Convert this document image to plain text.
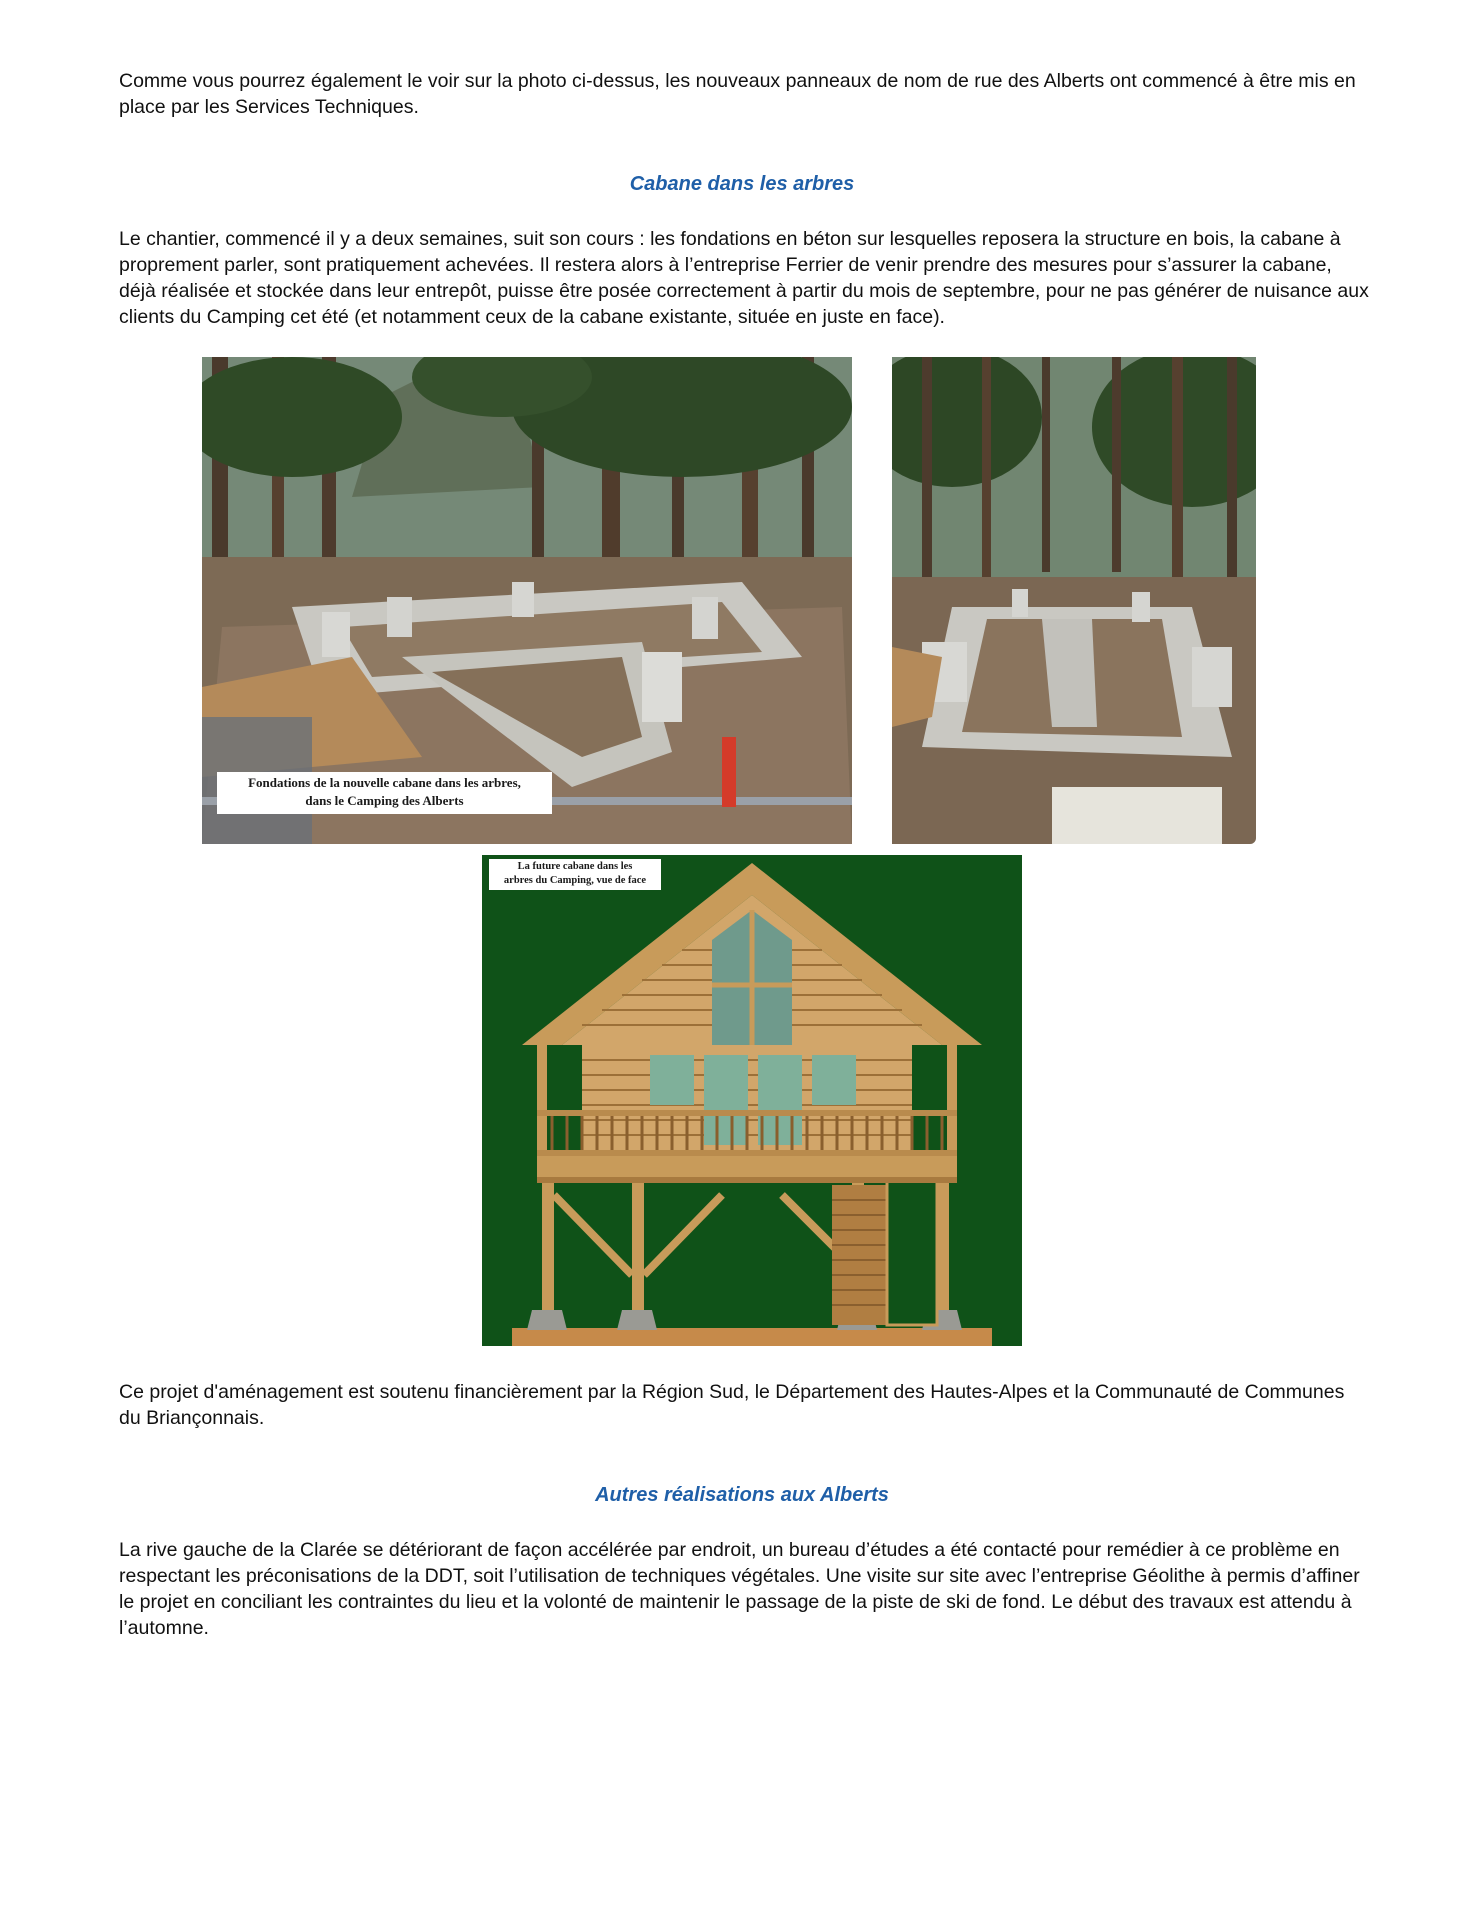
Comme vous pourrez également le voir sur la photo ci-dessus, les nouveaux panneaux de nom de rue des Alberts ont commencé à être mis en place par les Services Techniques.

Cabane dans les arbres

Le chantier, commencé il y a deux semaines, suit son cours : les fondations en béton sur lesquelles reposera la structure en bois, la cabane à proprement parler, sont pratiquement achevées. Il restera alors à l’entreprise Ferrier de venir prendre des mesures pour s’assurer la cabane, déjà réalisée et stockée dans leur entrepôt, puisse être posée correctement à partir du mois de septembre, pour ne pas générer de nuisance aux clients du Camping cet été (et notamment ceux de la cabane existante, située en juste en face).

Fondations de la nouvelle cabane dans les arbres,
dans le Camping des Alberts
La future cabane dans les
arbres du Camping, vue de face

Ce projet d'aménagement est soutenu financièrement par la Région Sud, le Département des Hautes-Alpes et la Communauté de Communes du Briançonnais.

Autres réalisations aux Alberts

La rive gauche de la Clarée se détériorant de façon accélérée par endroit, un bureau d’études a été contacté pour remédier à ce problème en respectant les préconisations de la DDT, soit l’utilisation de techniques végétales. Une visite sur site avec l’entreprise Géolithe à permis d’affiner le projet en conciliant les contraintes du lieu et la volonté de maintenir le passage de la piste de ski de fond. Le début des travaux est attendu à l’automne.
